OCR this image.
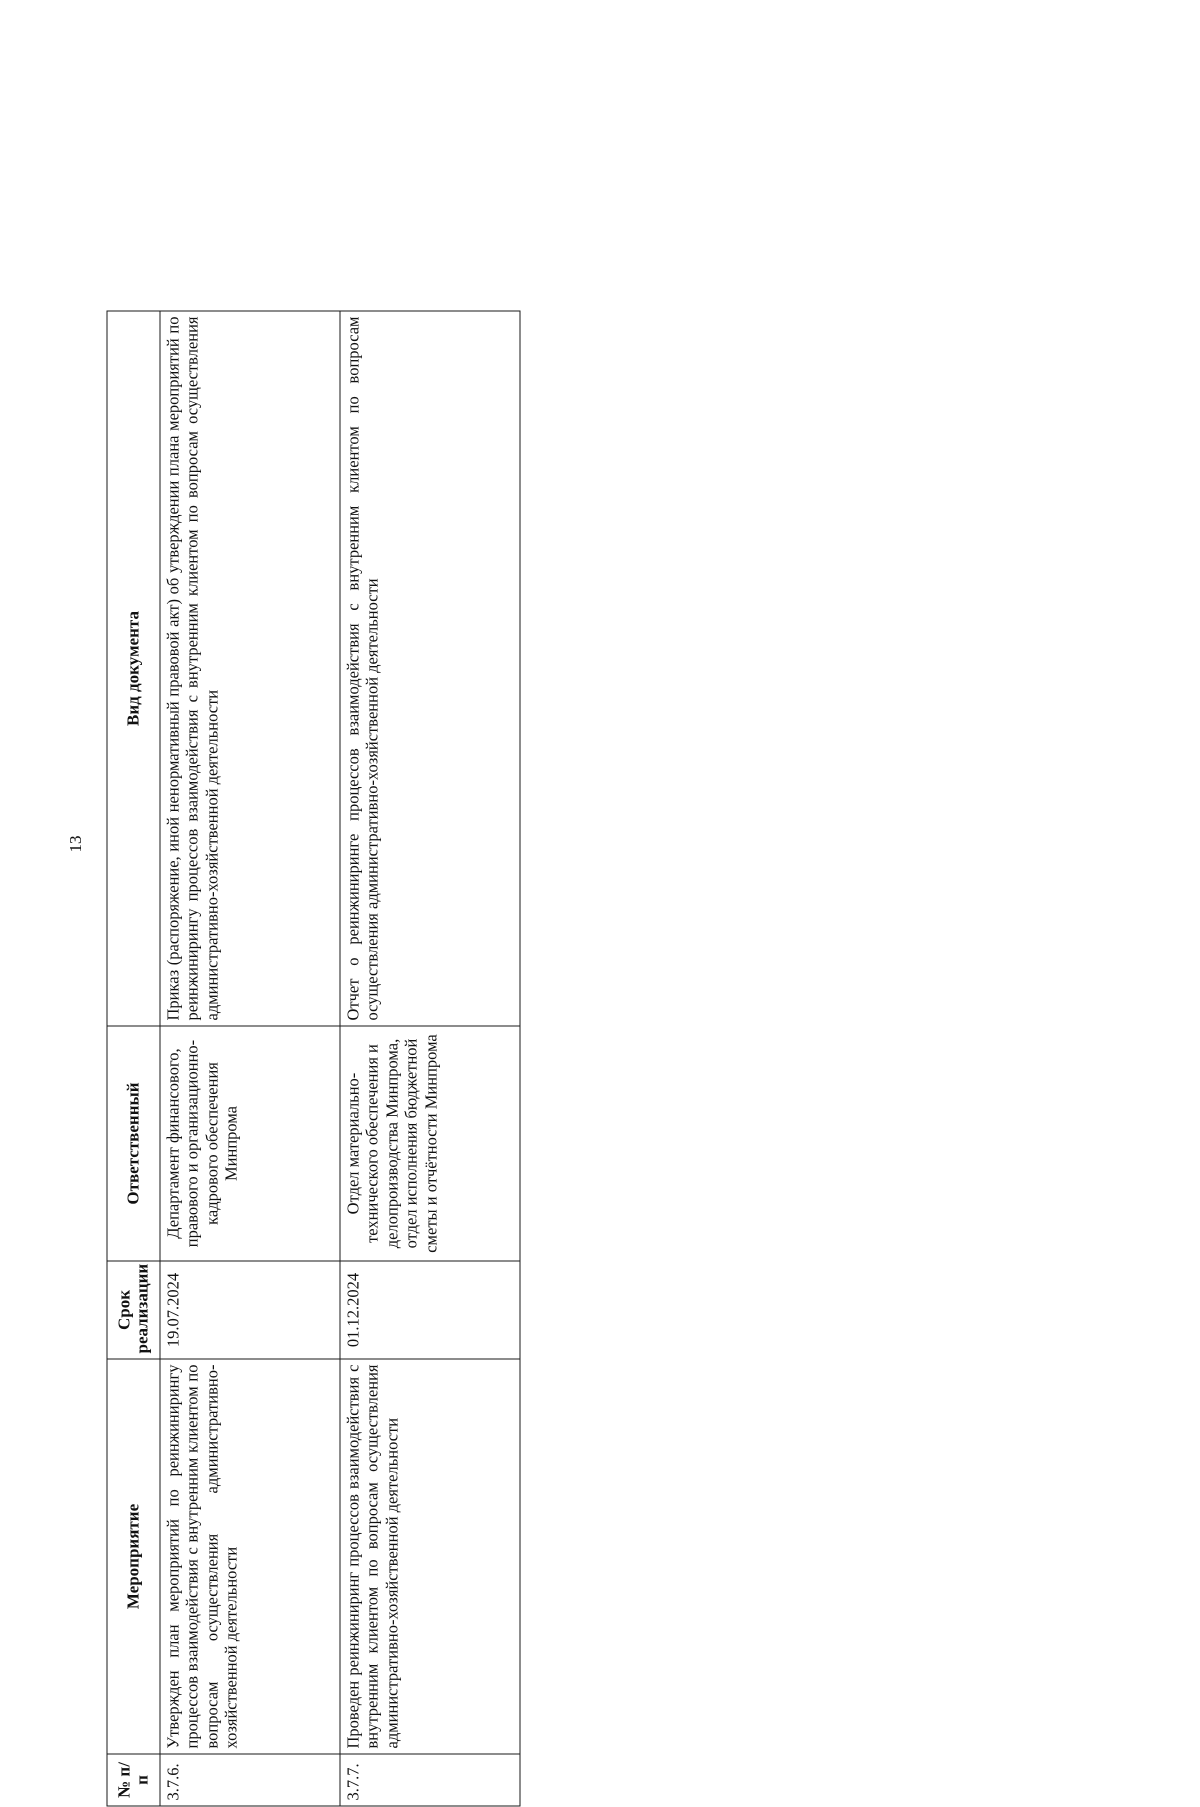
13
№ п/п	Мероприятие	Срок реализации	Ответственный	Вид документа
3.7.6.	Утвержден план мероприятий по реинжинирингу процессов взаимодействия с внутренним клиентом по вопросам осуществления административно-хозяйственной деятельности	19.07.2024	Департамент финансового, правового и организационно-кадрового обеспечения Минпрома	Приказ (распоряжение, иной ненормативный правовой акт) об утверждении плана мероприятий по реинжинирингу процессов взаимодействия с внутренним клиентом по вопросам осуществления административно-хозяйственной деятельности
3.7.7.	Проведен реинжиниринг процессов взаимодействия с внутренним клиентом по вопросам осуществления административно-хозяйственной деятельности	01.12.2024	Отдел материально-технического обеспечения и делопроизводства Минпрома, отдел исполнения бюджетной сметы и отчётности Минпрома	Отчет о реинжиниринге процессов взаимодействия с внутренним клиентом по вопросам осуществления административно-хозяйственной деятельности
